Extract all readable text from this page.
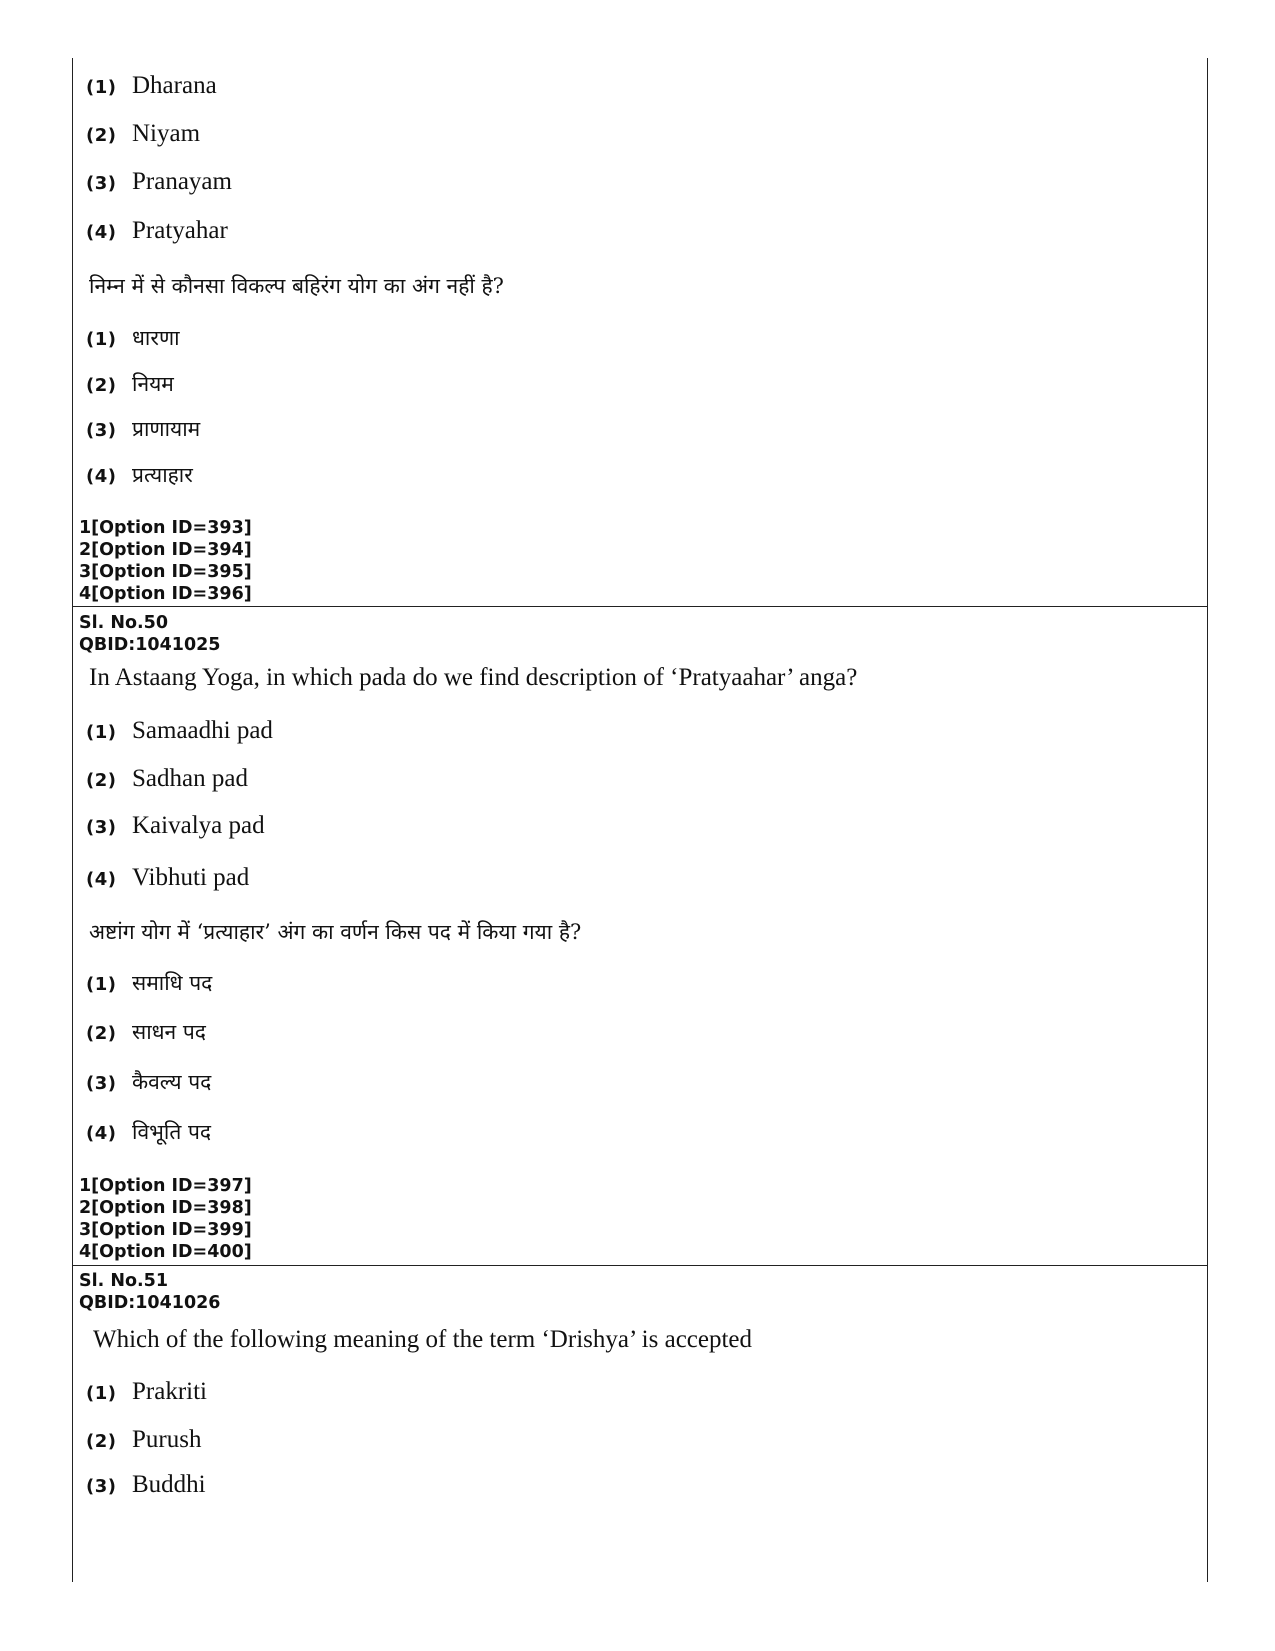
(1) Dharana
(2) Niyam
(3) Pranayam
(4) Pratyahar
निम्न में से कौनसा विकल्प बहिरंग योग का अंग नहीं है?
(1) धारणा
(2) नियम
(3) प्राणायाम
(4) प्रत्याहार
1[Option ID=393]
2[Option ID=394]
3[Option ID=395]
4[Option ID=396]
Sl. No.50
QBID:1041025
In Astaang Yoga, in which pada do we find description of ‘Pratyaahar’ anga?
(1) Samaadhi pad
(2) Sadhan pad
(3) Kaivalya pad
(4) Vibhuti pad
अष्टांग योग में ‘प्रत्याहार’ अंग का वर्णन किस पद में किया गया है?
(1) समाधि पद
(2) साधन पद
(3) कैवल्य पद
(4) विभूति पद
1[Option ID=397]
2[Option ID=398]
3[Option ID=399]
4[Option ID=400]
Sl. No.51
QBID:1041026
Which of the following meaning of the term ‘Drishya’ is accepted
(1) Prakriti
(2) Purush
(3) Buddhi
